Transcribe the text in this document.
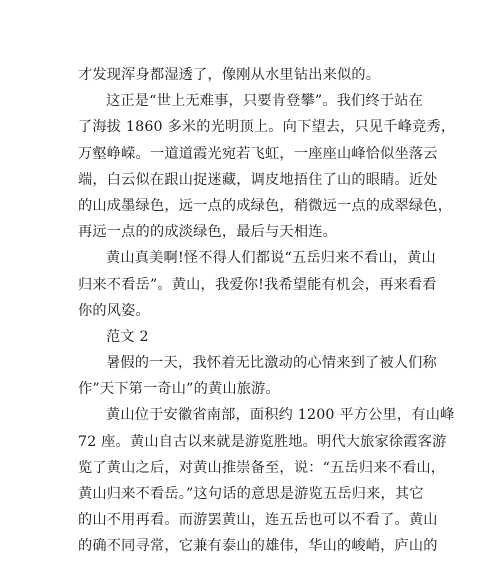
才发现浑身都湿透了，像刚从水里钻出来似的。
这正是“世上无难事，只要肯登攀”。我们终于站在
了海拔 1860 多米的光明顶上。向下望去，只见千峰竞秀，
万壑峥嵘。一道道霞光宛若飞虹，一座座山峰恰似坐落云
端，白云似在跟山捉迷藏，调皮地捂住了山的眼睛。近处
的山成墨绿色，远一点的成绿色，稍微远一点的成翠绿色，
再远一点的的成淡绿色，最后与天相连。
黄山真美啊!怪不得人们都说“五岳归来不看山，黄山
归来不看岳”。黄山，我爱你!我希望能有机会，再来看看
你的风姿。
范文 2
暑假的一天，我怀着无比激动的心情来到了被人们称
作”天下第一奇山”的黄山旅游。
黄山位于安徽省南部，面积约 1200 平方公里，有山峰
72 座。黄山自古以来就是游览胜地。明代大旅家徐霞客游
览了黄山之后，对黄山推崇备至，说：“五岳归来不看山，
黄山归来不看岳。”这句话的意思是游览五岳归来，其它
的山不用再看。而游罢黄山，连五岳也可以不看了。黄山
的确不同寻常，它兼有泰山的雄伟，华山的峻峭，庐山的
